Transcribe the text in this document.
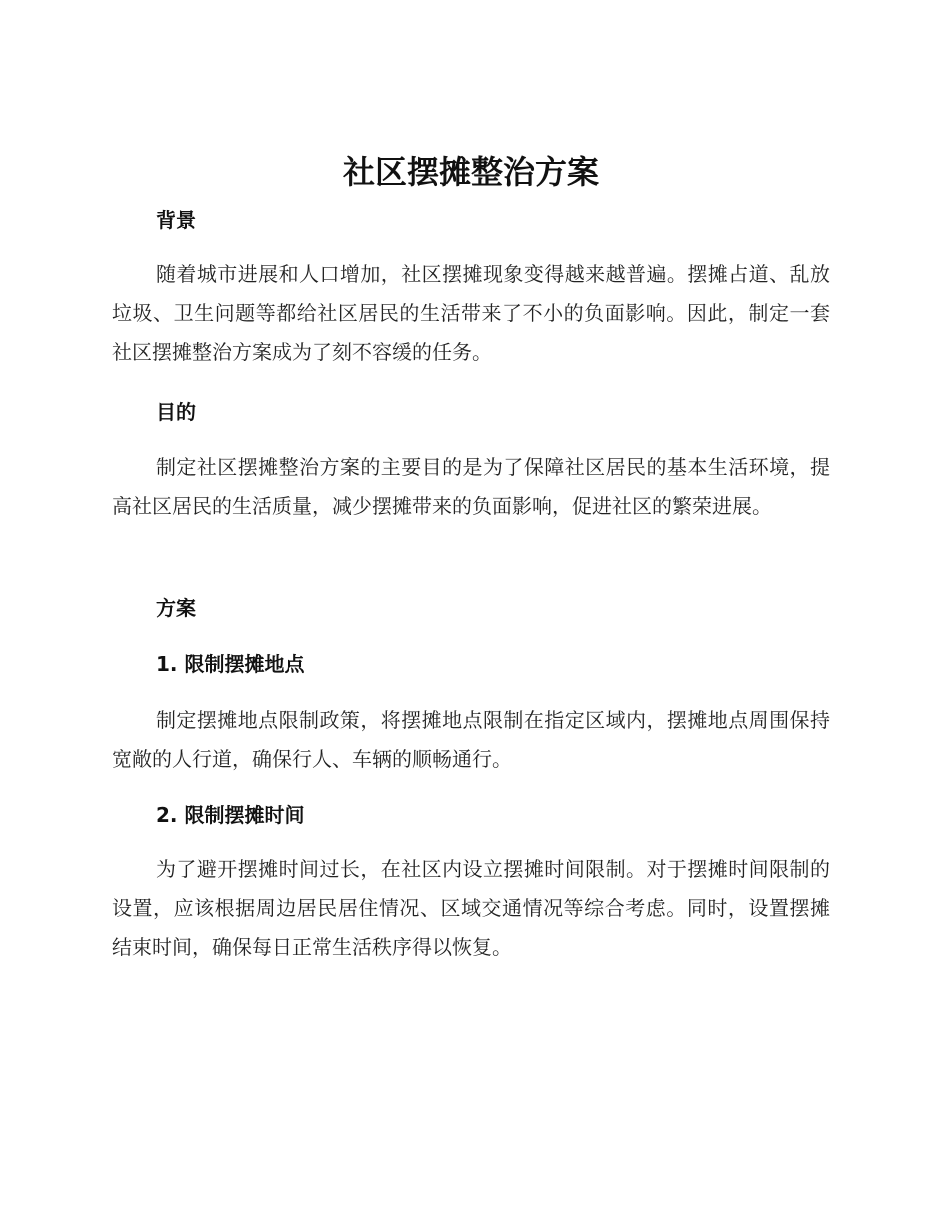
社区摆摊整治方案
背景

随着城市进展和人口增加，社区摆摊现象变得越来越普遍。摆摊占道、乱放垃圾、卫生问题等都给社区居民的生活带来了不小的负面影响。因此，制定一套社区摆摊整治方案成为了刻不容缓的任务。

目的

制定社区摆摊整治方案的主要目的是为了保障社区居民的基本生活环境，提高社区居民的生活质量，减少摆摊带来的负面影响，促进社区的繁荣进展。

方案
1. 限制摆摊地点

制定摆摊地点限制政策，将摆摊地点限制在指定区域内，摆摊地点周围保持宽敞的人行道，确保行人、车辆的顺畅通行。

2. 限制摆摊时间

为了避开摆摊时间过长，在社区内设立摆摊时间限制。对于摆摊时间限制的设置，应该根据周边居民居住情况、区域交通情况等综合考虑。同时，设置摆摊结束时间，确保每日正常生活秩序得以恢复。
